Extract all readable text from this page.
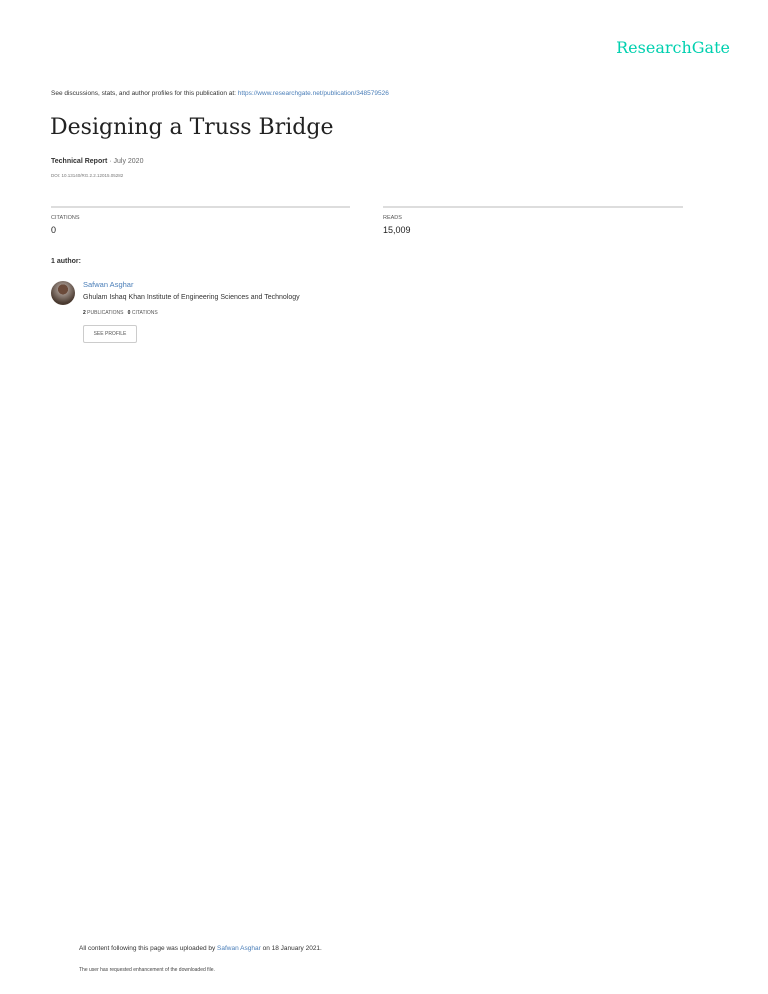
ResearchGate
See discussions, stats, and author profiles for this publication at: https://www.researchgate.net/publication/348579526
Designing a Truss Bridge
Technical Report · July 2020
DOI: 10.13140/RG.2.2.12015.05282
CITATIONS
0
READS
15,009
1 author:
Safwan Asghar
Ghulam Ishaq Khan Institute of Engineering Sciences and Technology
2 PUBLICATIONS 0 CITATIONS
SEE PROFILE
All content following this page was uploaded by Safwan Asghar on 18 January 2021.
The user has requested enhancement of the downloaded file.
